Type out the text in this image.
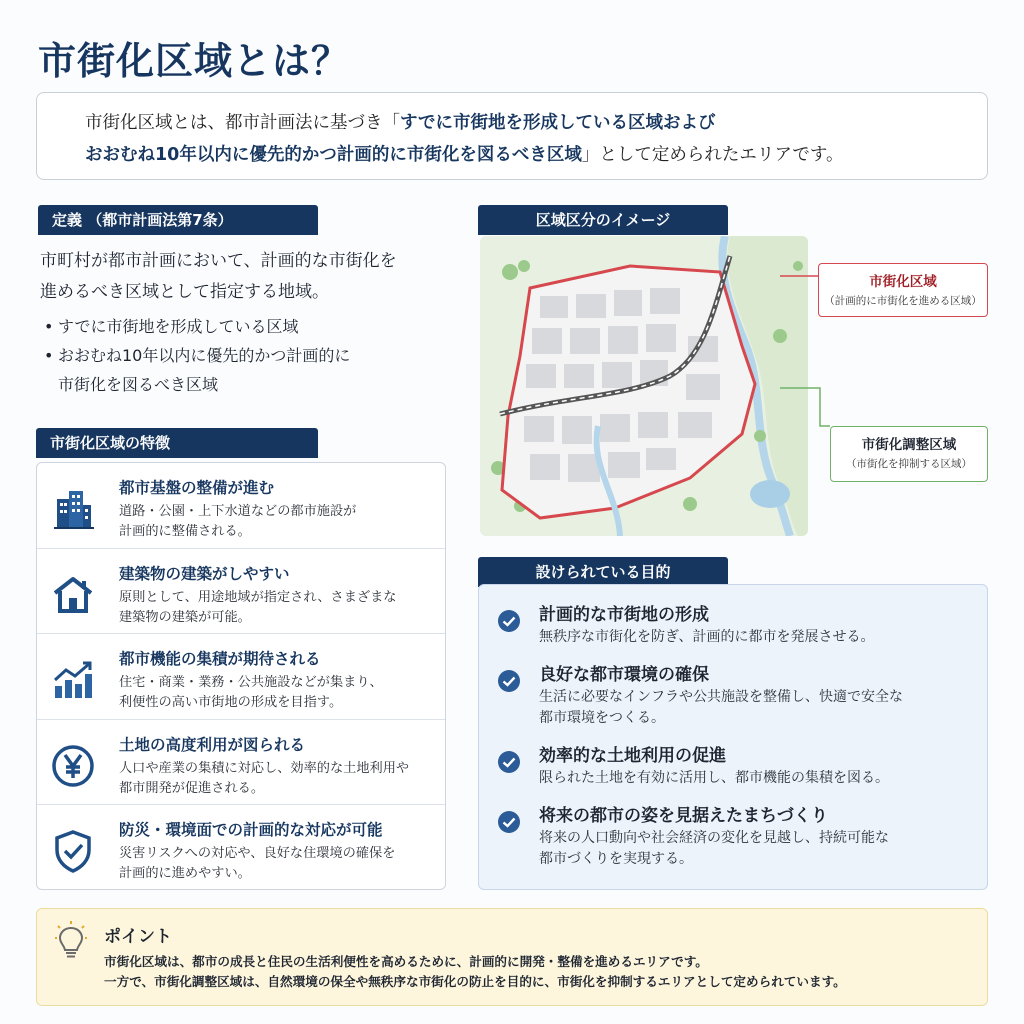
市街化区域とは？
市街化区域とは、都市計画法に基づき「すでに市街地を形成している区域および
おおむね10年以内に優先的かつ計画的に市街化を図るべき区域」として定められたエリアです。
定義 （都市計画法第7条）
市町村が都市計画において、計画的な市街化を
進めるべき区域として指定する地域。
• すでに市街地を形成している区域
• おおむね10年以内に優先的かつ計画的に
市街化を図るべき区域
市街化区域の特徴
都市基盤の整備が進む
道路・公園・上下水道などの都市施設が
計画的に整備される。
建築物の建築がしやすい
原則として、用途地域が指定され、さまざまな
建築物の建築が可能。
都市機能の集積が期待される
住宅・商業・業務・公共施設などが集まり、
利便性の高い市街地の形成を目指す。
土地の高度利用が図られる
人口や産業の集積に対応し、効率的な土地利用や
都市開発が促進される。
防災・環境面での計画的な対応が可能
災害リスクへの対応や、良好な住環境の確保を
計画的に進めやすい。
区域区分のイメージ
市街化区域
（計画的に市街化を進める区域）
市街化調整区域
（市街化を抑制する区域）
設けられている目的
計画的な市街地の形成
無秩序な市街化を防ぎ、計画的に都市を発展させる。
良好な都市環境の確保
生活に必要なインフラや公共施設を整備し、快適で安全な
都市環境をつくる。
効率的な土地利用の促進
限られた土地を有効に活用し、都市機能の集積を図る。
将来の都市の姿を見据えたまちづくり
将来の人口動向や社会経済の変化を見越し、持続可能な
都市づくりを実現する。
ポイント
市街化区域は、都市の成長と住民の生活利便性を高めるために、計画的に開発・整備を進めるエリアです。
一方で、市街化調整区域は、自然環境の保全や無秩序な市街化の防止を目的に、市街化を抑制するエリアとして定められています。
